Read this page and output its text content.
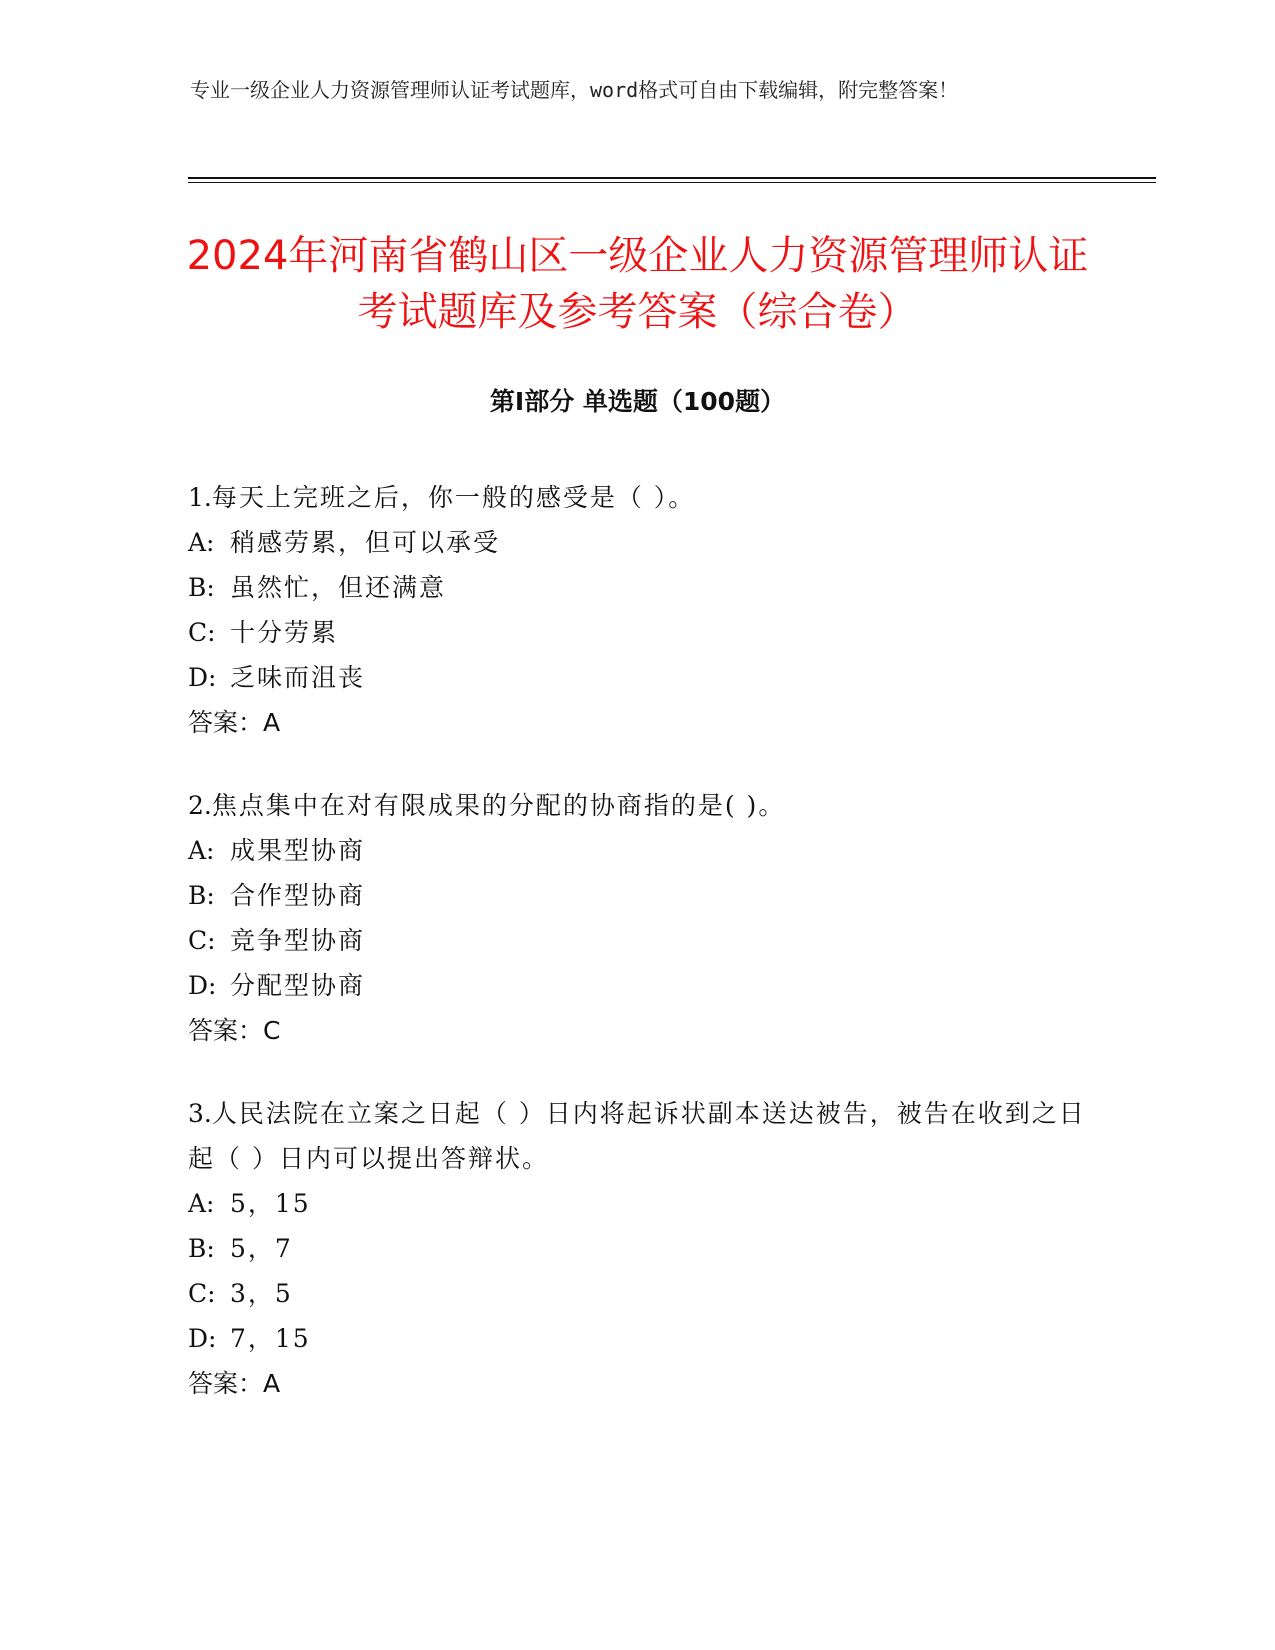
专业一级企业人力资源管理师认证考试题库，word格式可自由下载编辑，附完整答案！
2024年河南省鹤山区一级企业人力资源管理师认证考试题库及参考答案（综合卷）
第Ⅰ部分 单选题（100题）

1.每天上完班之后，你一般的感受是（ ）。

A: 稍感劳累，但可以承受
B: 虽然忙，但还满意
C: 十分劳累
D: 乏味而沮丧

答案：A

2.焦点集中在对有限成果的分配的协商指的是( )。

A: 成果型协商
B: 合作型协商
C: 竞争型协商
D: 分配型协商

答案：C

3.人民法院在立案之日起（ ）日内将起诉状副本送达被告，被告在收到之日起（ ）日内可以提出答辩状。

A: 5，15
B: 5，7
C: 3，5
D: 7，15

答案：A
